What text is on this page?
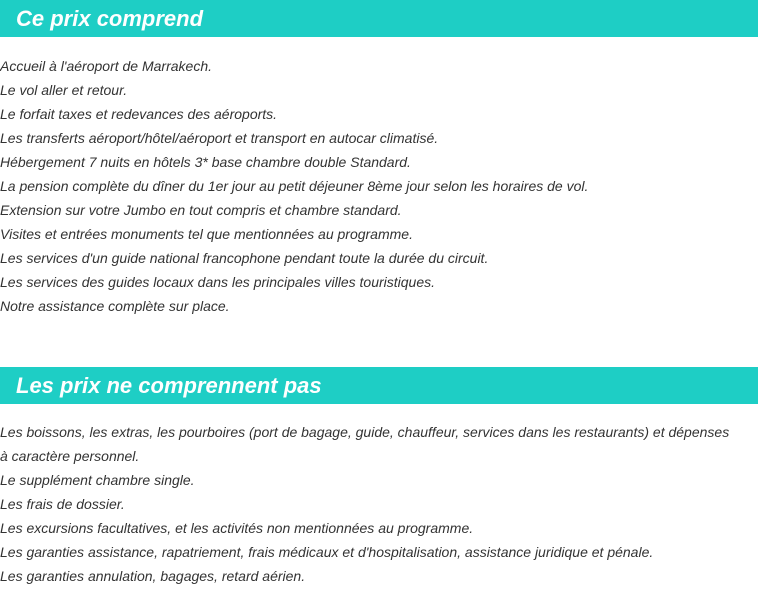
Ce prix comprend
Accueil à l'aéroport de Marrakech.
Le vol aller et retour.
Le forfait taxes et redevances des aéroports.
Les transferts aéroport/hôtel/aéroport et transport en autocar climatisé.
Hébergement 7 nuits en hôtels 3* base chambre double Standard.
La pension complète du dîner du 1er jour au petit déjeuner 8ème jour selon les horaires de vol.
Extension sur votre Jumbo en tout compris et chambre standard.
Visites et entrées monuments tel que mentionnées au programme.
Les services d'un guide national francophone pendant toute la durée du circuit.
Les services des guides locaux dans les principales villes touristiques.
Notre assistance complète sur place.
Les prix ne comprennent pas
Les boissons, les extras, les pourboires (port de bagage, guide, chauffeur, services dans les restaurants) et dépenses à caractère personnel.
Le supplément chambre single.
Les frais de dossier.
Les excursions facultatives, et les activités non mentionnées au programme.
Les garanties assistance, rapatriement, frais médicaux et d'hospitalisation, assistance juridique et pénale.
Les garanties annulation, bagages, retard aérien.
